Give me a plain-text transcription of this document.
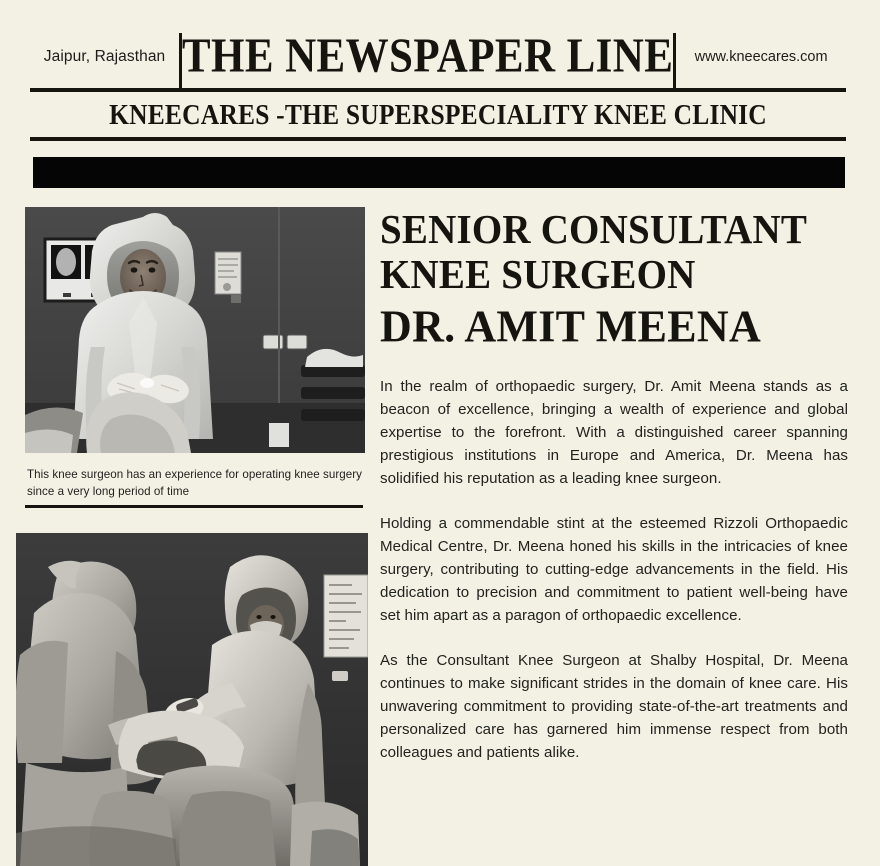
Jaipur, Rajasthan THE NEWSPAPER LINE www.kneecares.com
KNEECARES -THE SUPERSPECIALITY KNEE CLINIC
This knee surgeon has an experience for operating knee surgery since a very long period of time
SENIOR CONSULTANT
KNEE SURGEON
DR. AMIT MEENA

In the realm of orthopaedic surgery, Dr. Amit Meena stands as a beacon of excellence, bringing a wealth of experience and global expertise to the forefront. With a distinguished career spanning prestigious institutions in Europe and America, Dr. Meena has solidified his reputation as a leading knee surgeon.

Holding a commendable stint at the esteemed Rizzoli Orthopaedic Medical Centre, Dr. Meena honed his skills in the intricacies of knee surgery, contributing to cutting-edge advancements in the field. His dedication to precision and commitment to patient well-being have set him apart as a paragon of orthopaedic excellence.

As the Consultant Knee Surgeon at Shalby Hospital, Dr. Meena continues to make significant strides in the domain of knee care. His unwavering commitment to providing state-of-the-art treatments and personalized care has garnered him immense respect from both colleagues and patients alike.
